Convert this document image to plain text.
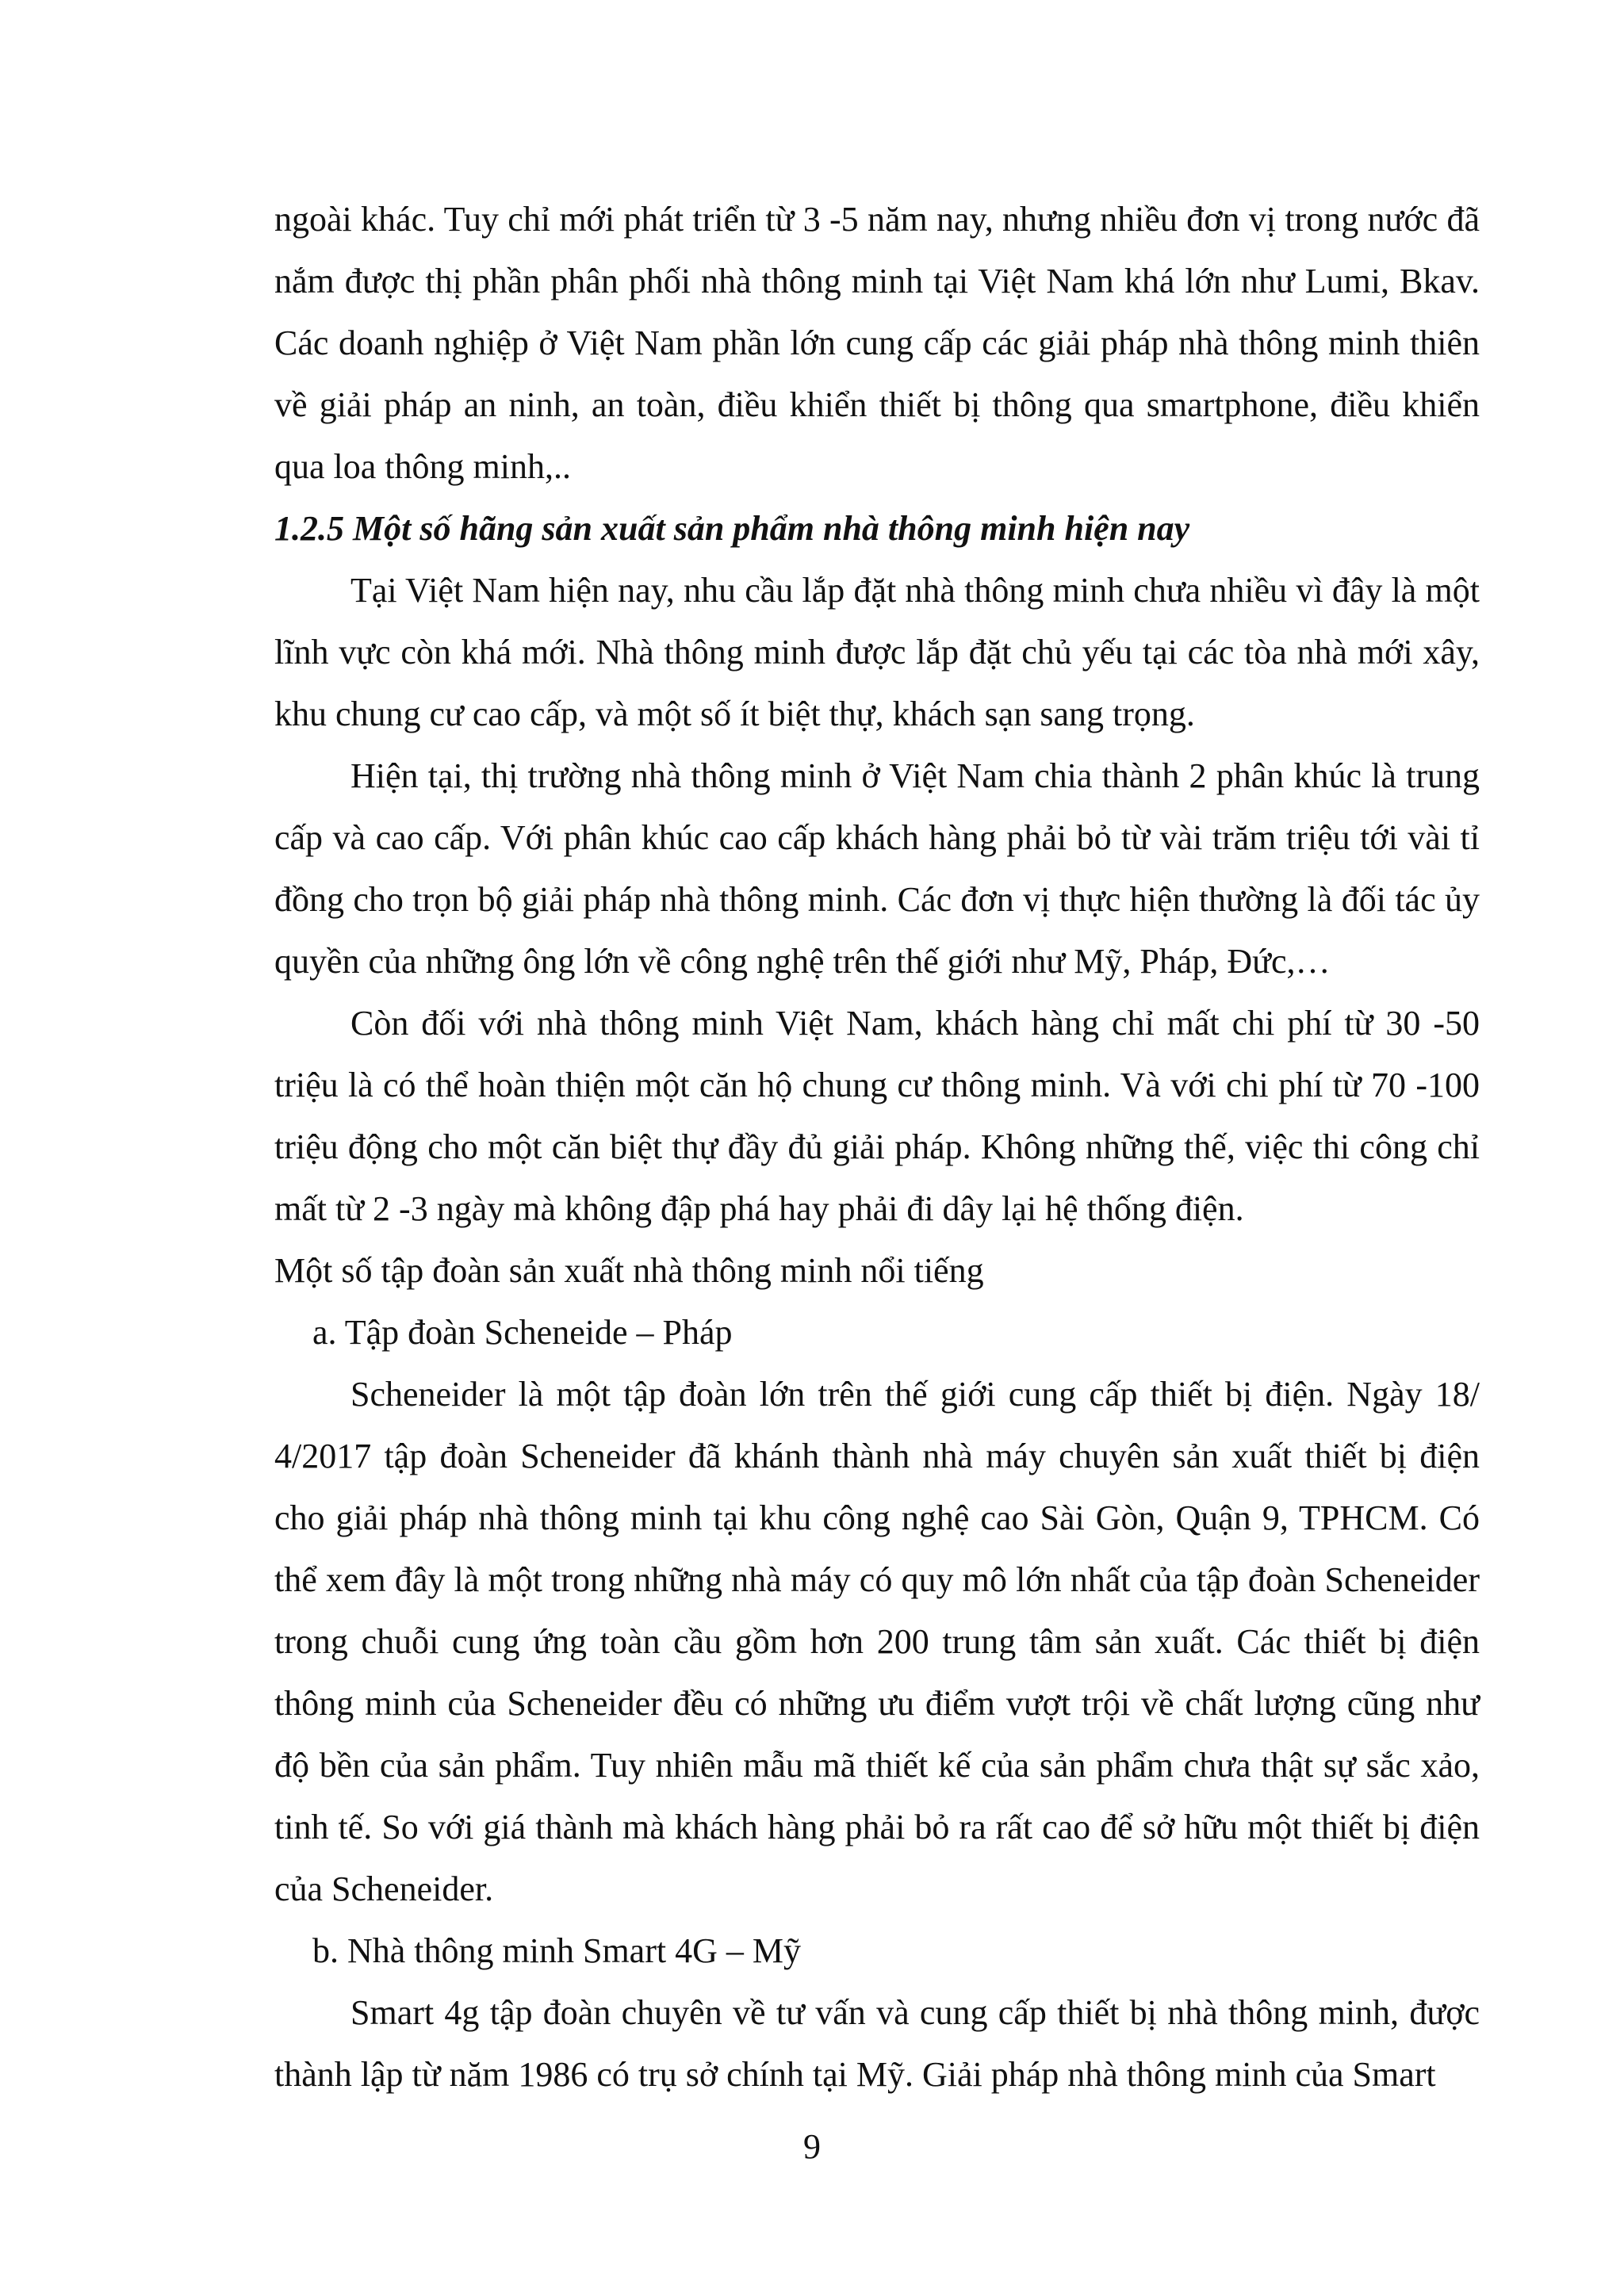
ngoài khác. Tuy chỉ mới phát triển từ 3 -5 năm nay, nhưng nhiều đơn vị trong nước đã nắm được thị phần phân phối nhà thông minh tại Việt Nam khá lớn như Lumi, Bkav. Các doanh nghiệp ở Việt Nam phần lớn cung cấp các giải pháp nhà thông minh thiên về giải pháp an ninh, an toàn, điều khiển thiết bị thông qua smartphone, điều khiển qua loa thông minh,..

1.2.5 Một số hãng sản xuất sản phẩm nhà thông minh hiện nay

Tại Việt Nam hiện nay, nhu cầu lắp đặt nhà thông minh chưa nhiều vì đây là một lĩnh vực còn khá mới. Nhà thông minh được lắp đặt chủ yếu tại các tòa nhà mới xây, khu chung cư cao cấp, và một số ít biệt thự, khách sạn sang trọng.

Hiện tại, thị trường nhà thông minh ở Việt Nam chia thành 2 phân khúc là trung cấp và cao cấp. Với phân khúc cao cấp khách hàng phải bỏ từ vài trăm triệu tới vài tỉ đồng cho trọn bộ giải pháp nhà thông minh. Các đơn vị thực hiện thường là đối tác ủy quyền của những ông lớn về công nghệ trên thế giới như Mỹ, Pháp, Đức,…

Còn đối với nhà thông minh Việt Nam, khách hàng chỉ mất chi phí từ 30 -50 triệu là có thể hoàn thiện một căn hộ chung cư thông minh. Và với chi phí từ 70 -100 triệu động cho một căn biệt thự đầy đủ giải pháp. Không những thế, việc thi công chỉ mất từ 2 -3 ngày mà không đập phá hay phải đi dây lại hệ thống điện.

Một số tập đoàn sản xuất nhà thông minh nổi tiếng

a. Tập đoàn Scheneide – Pháp

Scheneider là một tập đoàn lớn trên thế giới cung cấp thiết bị điện. Ngày 18/ 4/2017 tập đoàn Scheneider đã khánh thành nhà máy chuyên sản xuất thiết bị điện cho giải pháp nhà thông minh tại khu công nghệ cao Sài Gòn, Quận 9, TPHCM. Có thể xem đây là một trong những nhà máy có quy mô lớn nhất của tập đoàn Scheneider trong chuỗi cung ứng toàn cầu gồm hơn 200 trung tâm sản xuất. Các thiết bị điện thông minh của Scheneider đều có những ưu điểm vượt trội về chất lượng cũng như độ bền của sản phẩm. Tuy nhiên mẫu mã thiết kế của sản phẩm chưa thật sự sắc xảo, tinh tế. So với giá thành mà khách hàng phải bỏ ra rất cao để sở hữu một thiết bị điện của Scheneider.

b. Nhà thông minh Smart 4G – Mỹ

Smart 4g tập đoàn chuyên về tư vấn và cung cấp thiết bị nhà thông minh, được thành lập từ năm 1986 có trụ sở chính tại Mỹ. Giải pháp nhà thông minh của Smart

9
